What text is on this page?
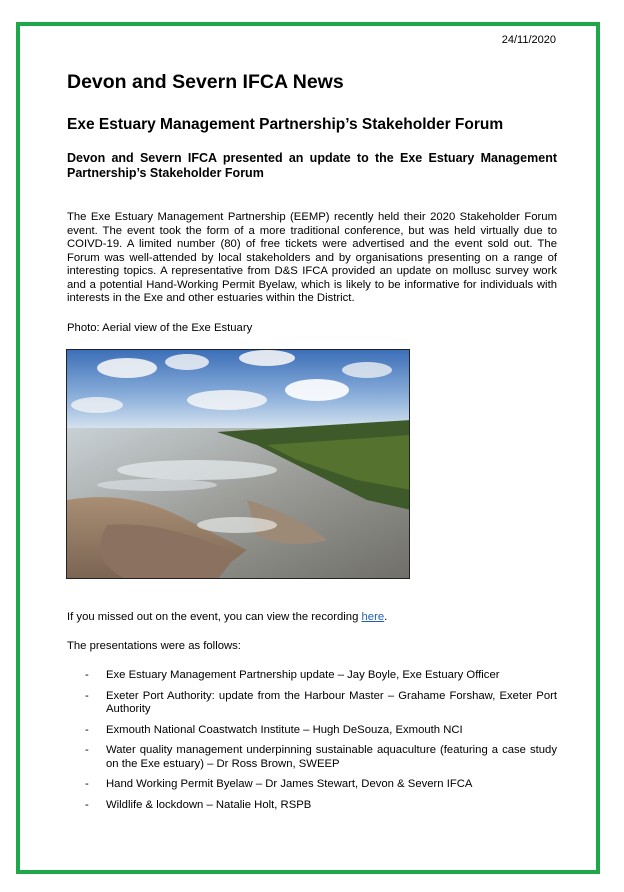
24/11/2020
Devon and Severn IFCA News
Exe Estuary Management Partnership’s Stakeholder Forum

Devon and Severn IFCA presented an update to the Exe Estuary Management Partnership’s Stakeholder Forum

The Exe Estuary Management Partnership (EEMP) recently held their 2020 Stakeholder Forum event. The event took the form of a more traditional conference, but was held virtually due to COIVD-19. A limited number (80) of free tickets were advertised and the event sold out. The Forum was well-attended by local stakeholders and by organisations presenting on a range of interesting topics. A representative from D&S IFCA provided an update on mollusc survey work and a potential Hand-Working Permit Byelaw, which is likely to be informative for individuals with interests in the Exe and other estuaries within the District.

Photo: Aerial view of the Exe Estuary

If you missed out on the event, you can view the recording here.

The presentations were as follows:

- Exe Estuary Management Partnership update – Jay Boyle, Exe Estuary Officer
- Exeter Port Authority: update from the Harbour Master – Grahame Forshaw, Exeter Port Authority
- Exmouth National Coastwatch Institute – Hugh DeSouza, Exmouth NCI
- Water quality management underpinning sustainable aquaculture (featuring a case study on the Exe estuary) – Dr Ross Brown, SWEEP
- Hand Working Permit Byelaw – Dr James Stewart, Devon & Severn IFCA
- Wildlife & lockdown – Natalie Holt, RSPB
